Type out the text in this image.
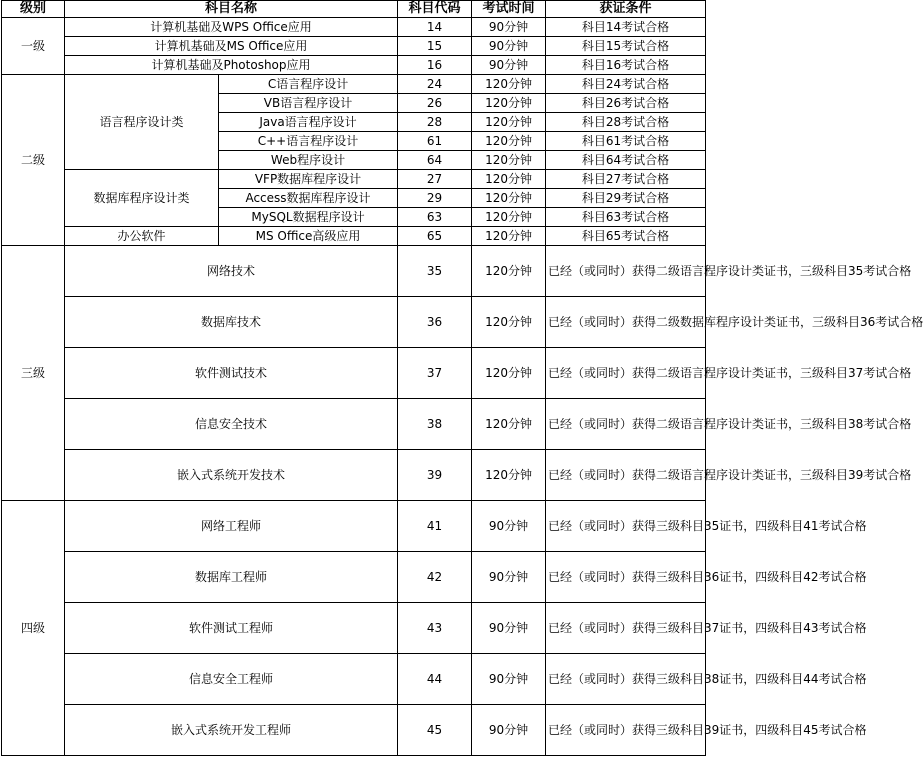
级别	科目名称		科目代码	考试时间	获证条件
一级	计算机基础及WPS Office应用		14	90分钟	科目14考试合格
	计算机基础及MS Office应用		15	90分钟	科目15考试合格
	计算机基础及Photoshop应用		16	90分钟	科目16考试合格
二级	语言程序设计类	C语言程序设计	24	120分钟	科目24考试合格
		VB语言程序设计	26	120分钟	科目26考试合格
		Java语言程序设计	28	120分钟	科目28考试合格
		C++语言程序设计	61	120分钟	科目61考试合格
		Web程序设计	64	120分钟	科目64考试合格
	数据库程序设计类	VFP数据库程序设计	27	120分钟	科目27考试合格
		Access数据库程序设计	29	120分钟	科目29考试合格
		MySQL数据程序设计	63	120分钟	科目63考试合格
	办公软件	MS Office高级应用	65	120分钟	科目65考试合格
三级	网络技术		35	120分钟	已经（或同时）获得二级语言程序设计类证书，三级科目35考试合格
	数据库技术		36	120分钟	已经（或同时）获得二级数据库程序设计类证书，三级科目36考试合格
	软件测试技术		37	120分钟	已经（或同时）获得二级语言程序设计类证书，三级科目37考试合格
	信息安全技术		38	120分钟	已经（或同时）获得二级语言程序设计类证书，三级科目38考试合格
	嵌入式系统开发技术		39	120分钟	已经（或同时）获得二级语言程序设计类证书，三级科目39考试合格
四级	网络工程师		41	90分钟	已经（或同时）获得三级科目35证书，四级科目41考试合格
	数据库工程师		42	90分钟	已经（或同时）获得三级科目36证书，四级科目42考试合格
	软件测试工程师		43	90分钟	已经（或同时）获得三级科目37证书，四级科目43考试合格
	信息安全工程师		44	90分钟	已经（或同时）获得三级科目38证书，四级科目44考试合格
	嵌入式系统开发工程师		45	90分钟	已经（或同时）获得三级科目39证书，四级科目45考试合格
